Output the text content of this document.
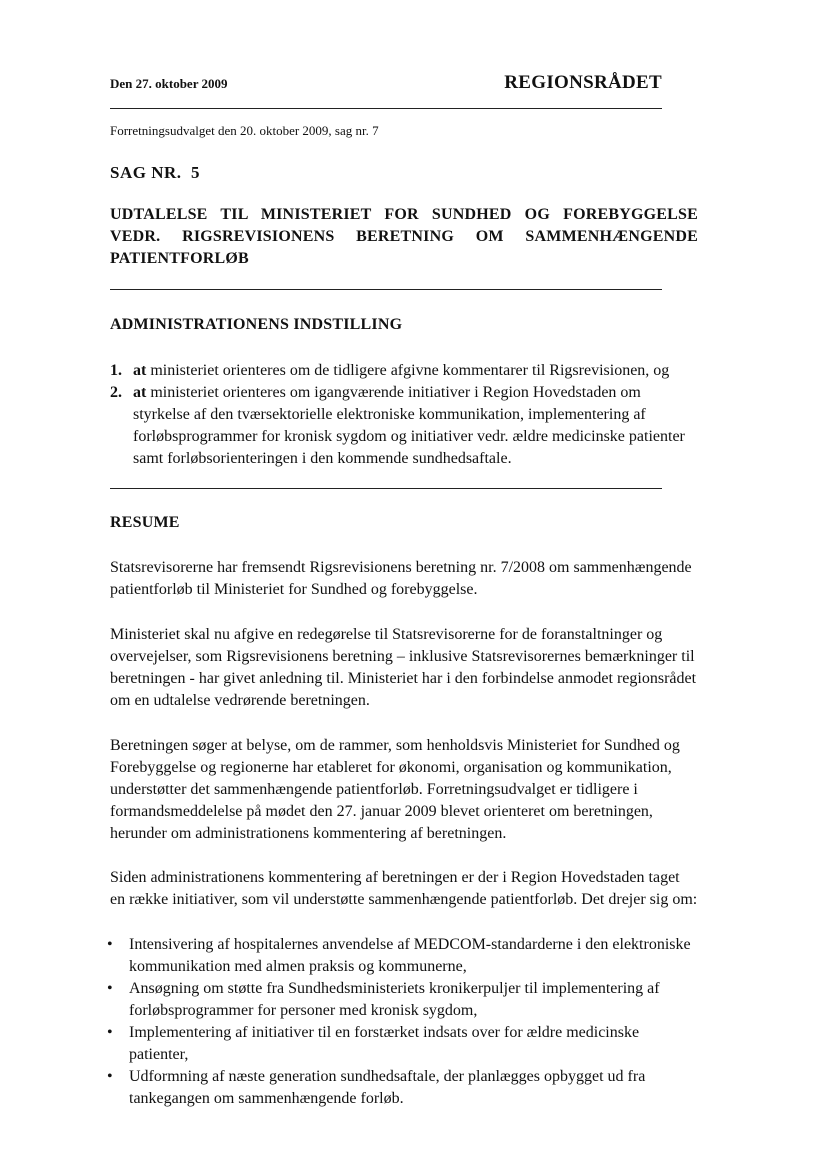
Den 27. oktober 2009	REGIONSRÅDET
Forretningsudvalget den 20. oktober 2009, sag nr. 7
SAG NR.  5
UDTALELSE TIL MINISTERIET FOR SUNDHED OG FOREBYGGELSE VEDR. RIGSREVISIONENS BERETNING OM SAMMENHÆNGENDE PATIENTFORLØB
ADMINISTRATIONENS INDSTILLING
1. at ministeriet orienteres om de tidligere afgivne kommentarer til Rigsrevisionen, og
2. at ministeriet orienteres om igangværende initiativer i Region Hovedstaden om styrkelse af den tværsektorielle elektroniske kommunikation, implementering af forløbsprogrammer for kronisk sygdom og initiativer vedr. ældre medicinske patienter samt forløbsorienteringen i den kommende sundhedsaftale.
RESUME

Statsrevisorerne har fremsendt Rigsrevisionens beretning nr. 7/2008 om sammenhængende patientforløb til Ministeriet for Sundhed og forebyggelse.

Ministeriet skal nu afgive en redegørelse til Statsrevisorerne for de foranstaltninger og overvejelser, som Rigsrevisionens beretning – inklusive Statsrevisorernes bemærkninger til beretningen - har givet anledning til. Ministeriet har i den forbindelse anmodet regionsrådet om en udtalelse vedrørende beretningen.

Beretningen søger at belyse, om de rammer, som henholdsvis Ministeriet for Sundhed og Forebyggelse og regionerne har etableret for økonomi, organisation og kommunikation, understøtter det sammenhængende patientforløb. Forretningsudvalget er tidligere i formandsmeddelelse på mødet den 27. januar 2009 blevet orienteret om beretningen, herunder om administrationens kommentering af beretningen.

Siden administrationens kommentering af beretningen er der i Region Hovedstaden taget en række initiativer, som vil understøtte sammenhængende patientforløb. Det drejer sig om:

• Intensivering af hospitalernes anvendelse af MEDCOM-standarderne i den elektroniske kommunikation med almen praksis og kommunerne,
• Ansøgning om støtte fra Sundhedsministeriets kronikerpuljer til implementering af forløbsprogrammer for personer med kronisk sygdom,
• Implementering af initiativer til en forstærket indsats over for ældre medicinske patienter,
• Udformning af næste generation sundhedsaftale, der planlægges opbygget ud fra tankegangen om sammenhængende forløb.
